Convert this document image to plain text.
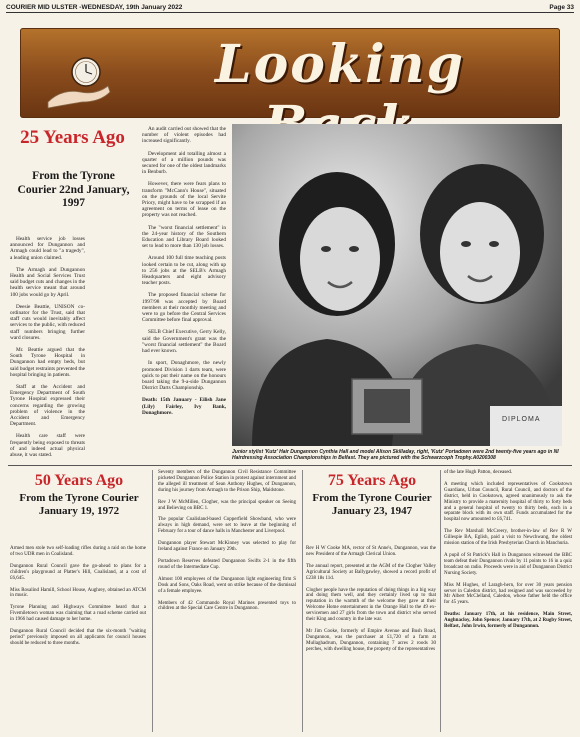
COURIER MID ULSTER -WEDNESDAY, 19th January 2022	Page 33
Looking
25 Years Ago
From the Tyrone Courier 22nd January, 1997

Health service job losses announced for Dungannon and Armagh could lead to "a tragedy", a leading union claimed.

The Armagh and Dungannon Health and Social Services Trust said budget cuts and changes in the health service meant that around 100 jobs would go by April.

Deesie Beattie, UNISON co-ordinator for the Trust, said that staff cuts would inevitably affect services to the public, with reduced staff numbers bringing further ward closures.

Mr. Beattie argued that the South Tyrone Hospital in Dungannon had empty beds, but said budget restraints prevented the hospital bringing in patients.

Staff at the Accident and Emergency Department of South Tyrone Hospital expressed their concerns regarding the growing problem of violence in the Accident and Emergency Department.

Health care staff were frequently being exposed to threats of and indeed actual physical abuse, it was stated.

An audit carried out showed that the number of violent episodes had increased significantly.

Development aid totalling almost a quarter of a million pounds was secured for one of the oldest landmarks in Benburb.

However, there were fears plans to transform "McCann's House", situated on the grounds of the local Servite Priory, might have to be scrapped if an agreement on terms of lease on the property was not reached.

The "worst financial settlement" in the 24-year history of the Southern Education and Library Board looked set to lead to more than 130 job losses.

Around 100 full time teaching posts looked certain to be cut, along with up to 256 jobs at the SELB's Armagh Headquarters and eight advisory teacher posts.

The proposed financial scheme for 1997/98 was accepted by Board members at their monthly meeting and were to go before the Central Services Committee before final approval.

SELB Chief Executive, Gerry Kelly, said the Government's grant was the "worst financial settlement" the Board had ever known.

In sport, Donaghmore, the newly promoted Division 1 darts team, were quick to put their name on the honours board taking the 9-a-side Dungannon District Darts Championship.

Death: 15th January - Eilish Jane (Lily) Fairley, Ivy Bank, Donaghmore.

DIPLOMA
Junior stylist 'Kutz' Hair Dungannon Cynthia Hall and model Alison Skilladay, right, 'Kutz' Portadown were 2nd twenty-five years ago in NI Hairdressing Association Championships in Belfast. They are pictured with the Schwarzcoph Trophy.A0200308
50 Years Ago
From the Tyrone Courier January 19, 1972

Armed men stole two self-loading rifles during a raid on the home of two UDR men in Coalisland.

Dungannon Rural Council gave the go-ahead to plans for a children's playground at Platter's Hill, Coalisland, at a cost of £6,645.

Miss Rosalind Hamill, School House, Aughrey, obtained an ATCM in music.

Tyrone Planning and Highways Committee heard that a Fivemiletown woman was claiming that a road scheme carried out in 1966 had caused damage to her home.

Dungannon Rural Council decided that the six-month "waiting period" previously imposed on all applicants for council houses should be reduced to three months.

Seventy members of the Dungannon Civil Resistance Committee picketed Dungannon Police Station in protest against internment and the alleged ill treatment of Sean Anthony Hughes, of Dungannon, during his journey from Armagh to the Prison Ship, Maidstone.

Rev J W McMillen, Clogher, was the principal speaker on Seeing and Believing on BBC 1.

The popular Coalisland-based Copperfield Showband, who were always in high demand, were set to leave at the beginning of February for a tour of dance halls in Manchester and Liverpool.

Dungannon player Stewart McKinney was selected to play for Ireland against France on January 29th.

Portadown Reserves defeated Dungannon Swifts 2-1 in the fifth round of the Intermediate Cup.

Almost 100 employees of the Dungannon light engineering firm S Dosk and Sons, Oaks Road, went on strike because of the dismissal of a female employee.

Members of 42 Commando Royal Marines presented toys to children at the Special Care Centre in Dungannon.

75 Years Ago
From the Tyrone Courier January 23, 1947

Rev H W Cooke MA, rector of St Anne's, Dungannon, was the new President of the Armagh Clerical Union.

The annual report, presented at the AGM of the Clogher Valley Agricultural Society at Ballygawley, showed a record profit of £238 18s 11d.

Clogher people have the reputation of doing things in a big way and doing them well, and they certainly lived up to that reputation in the warmth of the welcome they gave at their Welcome Home entertainment in the Orange Hall to the 49 ex-servicemen and 27 girls from the town and district who served their King and country in the late war.

Mr Jim Cooke, formerly of Empire Avenue and Bush Road, Dungannon, was the purchaser at £1,720 of a farm at Mullaghadrum, Dungannon, containing 7 acres 2 roods 30 perches, with dwelling house, the property of the representatives

of the late Hugh Patton, deceased.

A meeting which included representatives of Cookstown Guardians, Urban Council, Rural Council, and doctors of the district, held in Cookstown, agreed unanimously to ask the Ministry to provide a maternity hospital of thirty to forty beds and a general hospital of twenty to thirty beds, each in a separate block with its own staff. Funds accumulated for the hospital now amounted to £6,741.

The Rev Marshall McCreery, brother-in-law of Rev R W Gillespie BA, Eglish, paid a visit to Newchwang, the oldest mission station of the Irish Presbyterian Church in Manchuria.

A pupil of St Patrick's Hall in Dungannon witnessed the BBC team defeat their Dungannon rivals by 11 points to 16 in a quiz broadcast on radio. Proceeds were in aid of Dungannon District Nursing Society.

Miss M Hughes, of Laragh-hern, for over 30 years pension server in Caledon district, had resigned and was succeeded by Mr Albert McClelland, Caledon, whose father held the office for 45 years.

Deaths: January 17th, at his residence, Main Street, Aughnacloy, John Spence; January 17th, at 2 Rugby Street, Belfast, John Irwin, formerly of Dungannon.
